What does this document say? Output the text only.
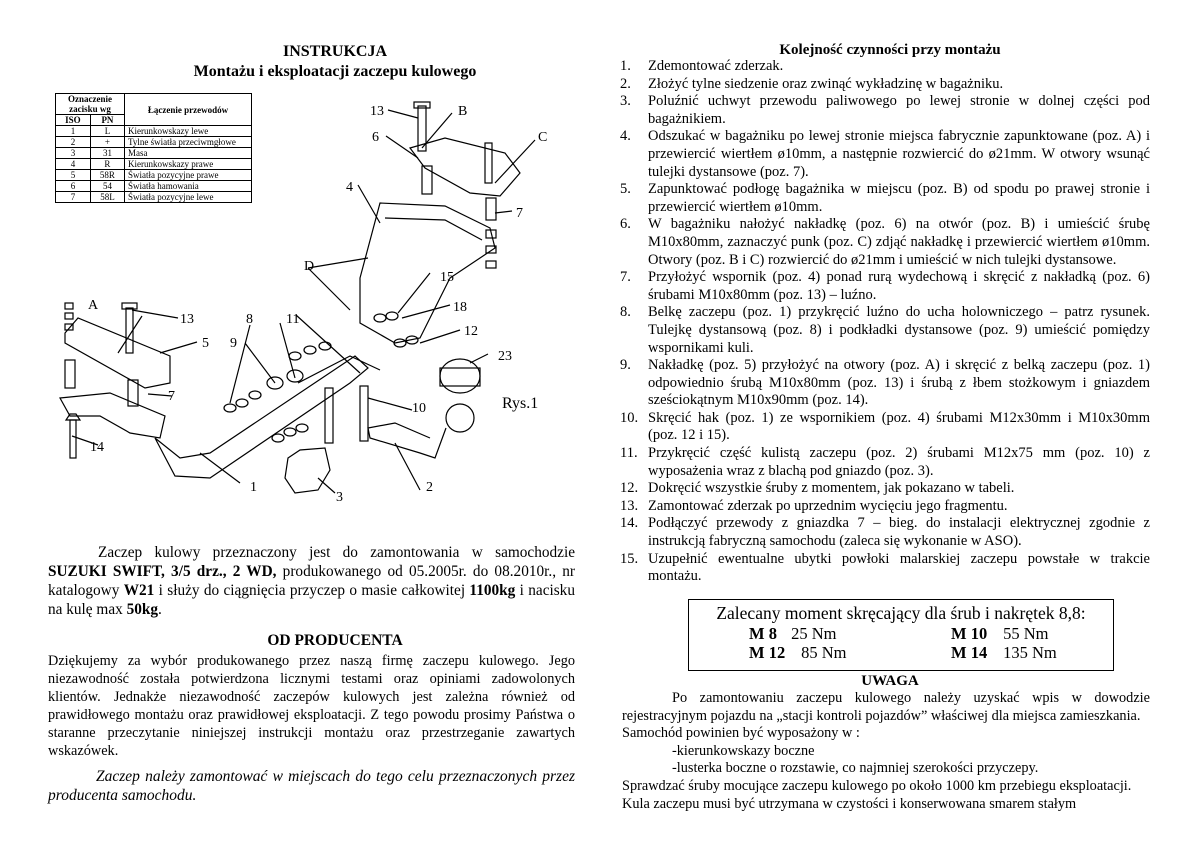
INSTRUKCJA
Montażu i eksploatacji zaczepu kulowego
13	B
6	C
4
7
D
15
18
A
13	8 11
12
5 9
23
7
10	Rys.1
14
1	2
3
Oznaczenie zacisku wg		Łączenie przewodów
ISO	PN	
1	L	Kierunkowskazy lewe
2	+	Tylne światła przeciwmgłowe
3	31	Masa
4	R	Kierunkowskazy prawe
5	58R	Światła pozycyjne prawe
6	54	Światła hamowania
7	58L	Światła pozycyjne lewe
Zaczep kulowy przeznaczony jest do zamontowania w samochodzie SUZUKI SWIFT, 3/5 drz., 2 WD, produkowanego od 05.2005r. do 08.2010r., nr katalogowy W21 i służy do ciągnięcia przyczep o masie całkowitej 1100kg i nacisku na kulę max 50kg.
OD PRODUCENTA
Dziękujemy za wybór produkowanego przez naszą firmę zaczepu kulowego. Jego niezawodność została potwierdzona licznymi testami oraz opiniami zadowolonych klientów. Jednakże niezawodność zaczepów kulowych jest zależna również od prawidłowego montażu oraz prawidłowej eksploatacji. Z tego powodu prosimy Państwa o staranne przeczytanie niniejszej instrukcji montażu oraz przestrzeganie zawartych wskazówek.
Zaczep należy zamontować w miejscach do tego celu przeznaczonych przez producenta samochodu.
Kolejność czynności przy montażu
1.	Zdemontować zderzak.
2.	Złożyć tylne siedzenie oraz zwinąć wykładzinę w bagażniku.
3.	Poluźnić uchwyt przewodu paliwowego po lewej stronie w dolnej części pod bagażnikiem.
4.	Odszukać w bagażniku po lewej stronie miejsca fabrycznie zapunktowane (poz. A) i przewiercić wiertłem ø10mm, a następnie rozwiercić do ø21mm. W otwory wsunąć tulejki dystansowe (poz. 7).
5.	Zapunktować podłogę bagażnika w miejscu (poz. B) od spodu po prawej stronie i przewiercić wiertłem ø10mm.
6.	W bagażniku nałożyć nakładkę (poz. 6) na otwór (poz. B) i umieścić śrubę M10x80mm, zaznaczyć punk (poz. C) zdjąć nakładkę i przewiercić wiertłem ø10mm. Otwory (poz. B i C) rozwiercić do ø21mm i umieścić w nich tulejki dystansowe.
7.	Przyłożyć wspornik (poz. 4) ponad rurą wydechową i skręcić z nakładką (poz. 6) śrubami M10x80mm (poz. 13) – luźno.
8.	Belkę zaczepu (poz. 1) przykręcić luźno do ucha holowniczego – patrz rysunek. Tulejkę dystansową (poz. 8) i podkładki dystansowe (poz. 9) umieścić pomiędzy wspornikami kuli.
9.	Nakładkę (poz. 5) przyłożyć na otwory (poz. A) i skręcić z belką zaczepu (poz. 1) odpowiednio śrubą M10x80mm (poz. 13) i śrubą z łbem stożkowym i gniazdem sześciokątnym M10x90mm (poz. 14).
10. Skręcić hak (poz. 1) ze wspornikiem (poz. 4) śrubami M12x30mm i M10x30mm (poz. 12 i 15).
11. Przykręcić część kulistą zaczepu (poz. 2) śrubami M12x75 mm (poz. 10) z wyposażenia wraz z blachą pod gniazdo (poz. 3).
12. Dokręcić wszystkie śruby z momentem, jak pokazano w tabeli.
13. Zamontować zderzak po uprzednim wycięciu jego fragmentu.
14. Podłączyć przewody z gniazdka 7 – bieg. do instalacji elektrycznej zgodnie z instrukcją fabryczną samochodu (zaleca się wykonanie w ASO).
15. Uzupełnić ewentualne ubytki powłoki malarskiej zaczepu powstałe w trakcie montażu.
Zalecany moment skręcający dla śrub i nakrętek 8,8:
M 8 25 Nm	M 10 55 Nm
M 12 85 Nm	M 14 135 Nm
UWAGA

Po zamontowaniu zaczepu kulowego należy uzyskać wpis w dowodzie rejestracyjnym pojazdu na „stacji kontroli pojazdów” właściwej dla miejsca zamieszkania.

Samochód powinien być wyposażony w :

-kierunkowskazy boczne

-lusterka boczne o rozstawie, co najmniej szerokości przyczepy.

Sprawdzać śruby mocujące zaczepu kulowego po około 1000 km przebiegu eksploatacji.

Kula zaczepu musi być utrzymana w czystości i konserwowana smarem stałym
